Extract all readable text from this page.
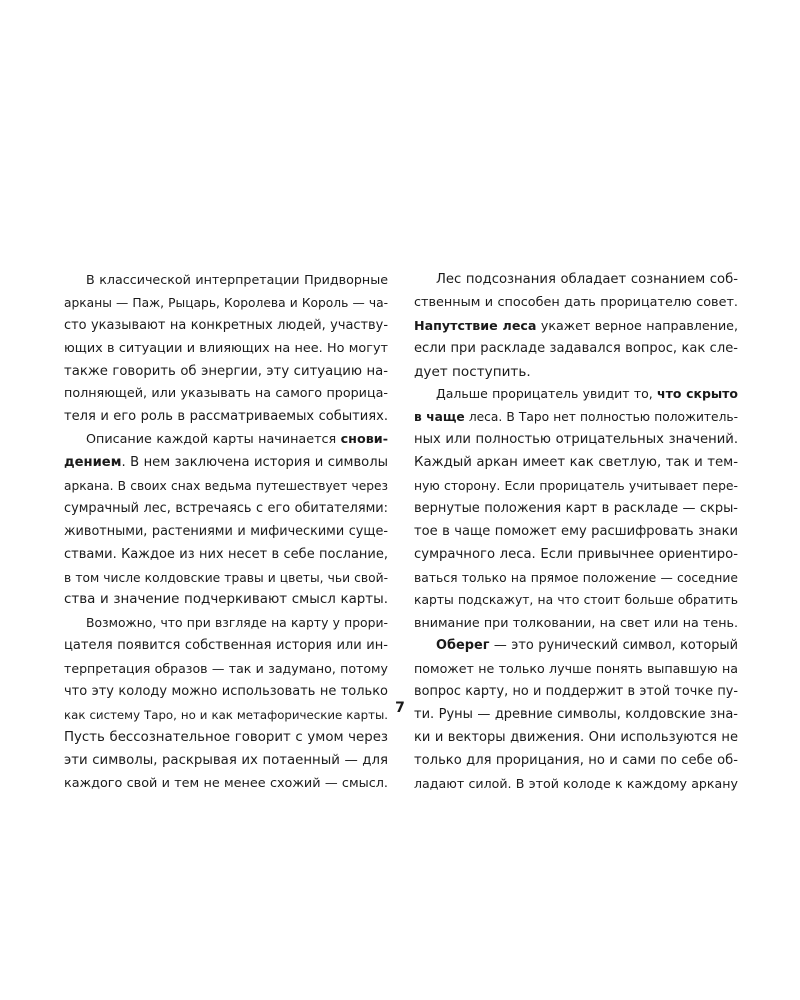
В классической интерпретации Придворные
арканы — Паж, Рыцарь, Королева и Король — ча-
сто указывают на конкретных людей, участву-
ющих в ситуации и влияющих на нее. Но могут
также говорить об энергии, эту ситуацию на-
полняющей, или указывать на самого прорица-
теля и его роль в рассматриваемых событиях.
Описание каждой карты начинается снови-
дением. В нем заключена история и символы
аркана. В своих снах ведьма путешествует через
сумрачный лес, встречаясь с его обитателями:
животными, растениями и мифическими суще-
ствами. Каждое из них несет в себе послание,
в том числе колдовские травы и цветы, чьи свой-
ства и значение подчеркивают смысл карты.
Возможно, что при взгляде на карту у прори-
цателя появится собственная история или ин-
терпретация образов — так и задумано, потому
что эту колоду можно использовать не только
как систему Таро, но и как метафорические карты.
Пусть бессознательное говорит с умом через
эти символы, раскрывая их потаенный — для
каждого свой и тем не менее схожий — смысл.
Лес подсознания обладает сознанием соб-
ственным и способен дать прорицателю совет.
Напутствие леса укажет верное направление,
если при раскладе задавался вопрос, как сле-
дует поступить.
Дальше прорицатель увидит то, что скрыто
в чаще леса. В Таро нет полностью положитель-
ных или полностью отрицательных значений.
Каждый аркан имеет как светлую, так и тем-
ную сторону. Если прорицатель учитывает пере-
вернутые положения карт в раскладе — скры-
тое в чаще поможет ему расшифровать знаки
сумрачного леса. Если привычнее ориентиро-
ваться только на прямое положение — соседние
карты подскажут, на что стоит больше обратить
внимание при толковании, на свет или на тень.
Оберег — это рунический символ, который
поможет не только лучше понять выпавшую на
вопрос карту, но и поддержит в этой точке пу-
ти. Руны — древние символы, колдовские зна-
ки и векторы движения. Они используются не
только для прорицания, но и сами по себе об-
ладают силой. В этой колоде к каждому аркану
7
